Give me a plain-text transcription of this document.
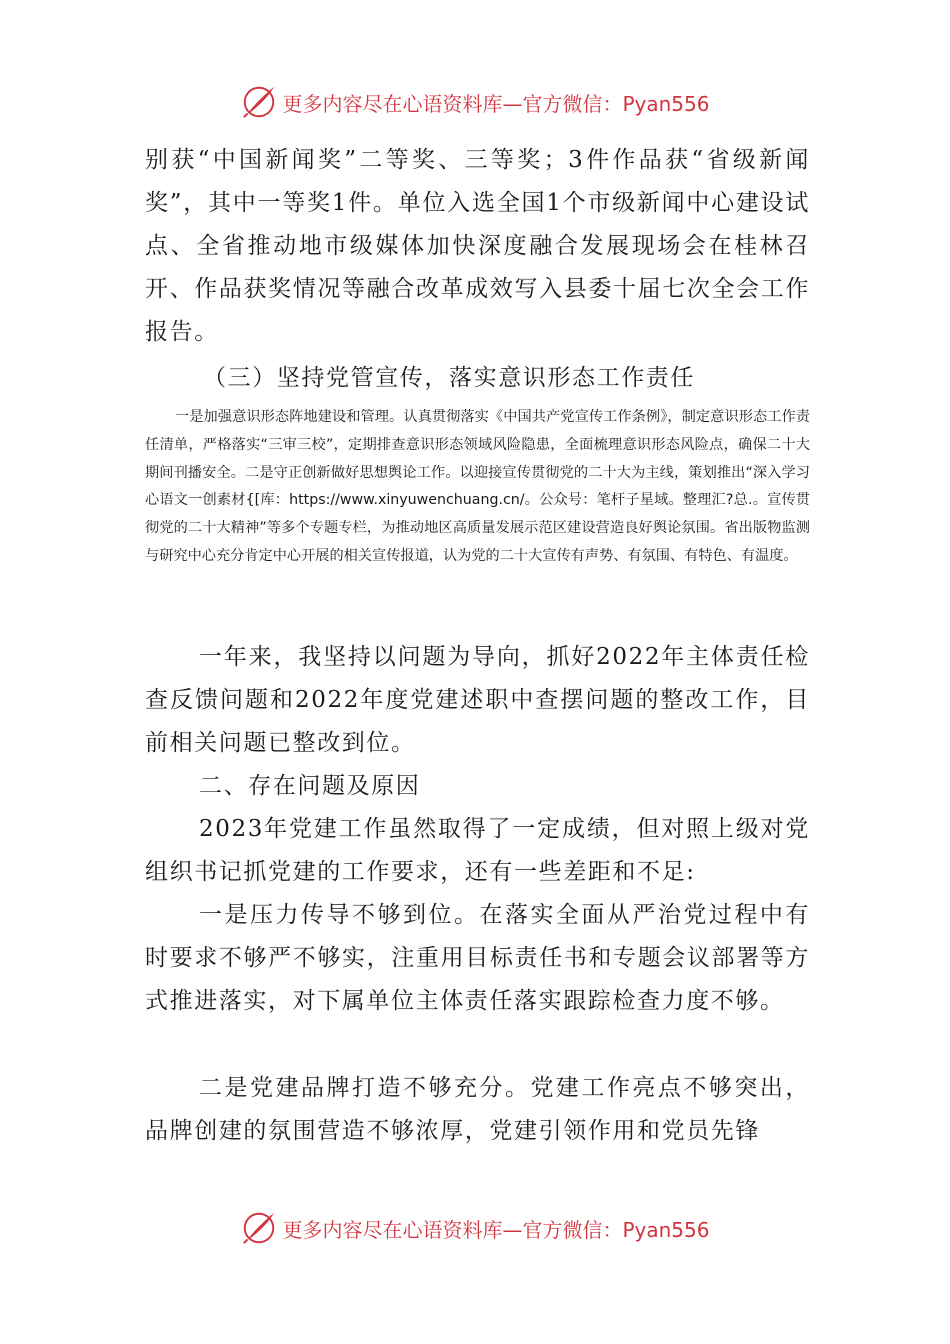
更多内容尽在心语资料库—官方微信：Pyan556

别获“中国新闻奖”二等奖、三等奖；3件作品获“省级新闻奖”，其中一等奖1件。单位入选全国1个市级新闻中心建设试点、全省推动地市级媒体加快深度融合发展现场会在桂林召开、作品获奖情况等融合改革成效写入县委十届七次全会工作报告。

（三）坚持党管宣传，落实意识形态工作责任

一是加强意识形态阵地建设和管理。认真贯彻落实《中国共产党宣传工作条例》，制定意识形态工作责任清单，严格落实“三审三校”，定期排查意识形态领域风险隐患，全面梳理意识形态风险点，确保二十大期间刊播安全。二是守正创新做好思想舆论工作。以迎接宣传贯彻党的二十大为主线，策划推出“深入学习心语文一创素材{[库：https://www.xinyuwenchuang.cn/。公众号：笔杆子星域。整理汇?总.。宣传贯彻党的二十大精神”等多个专题专栏，为推动地区高质量发展示范区建设营造良好舆论氛围。省出版物监测与研究中心充分肯定中心开展的相关宣传报道，认为党的二十大宣传有声势、有氛围、有特色、有温度。

一年来，我坚持以问题为导向，抓好2022年主体责任检查反馈问题和2022年度党建述职中查摆问题的整改工作，目前相关问题已整改到位。

二、存在问题及原因

2023年党建工作虽然取得了一定成绩，但对照上级对党组织书记抓党建的工作要求，还有一些差距和不足:

一是压力传导不够到位。在落实全面从严治党过程中有时要求不够严不够实，注重用目标责任书和专题会议部署等方式推进落实，对下属单位主体责任落实跟踪检查力度不够。

二是党建品牌打造不够充分。党建工作亮点不够突出，品牌创建的氛围营造不够浓厚，党建引领作用和党员先锋

更多内容尽在心语资料库—官方微信：Pyan556
